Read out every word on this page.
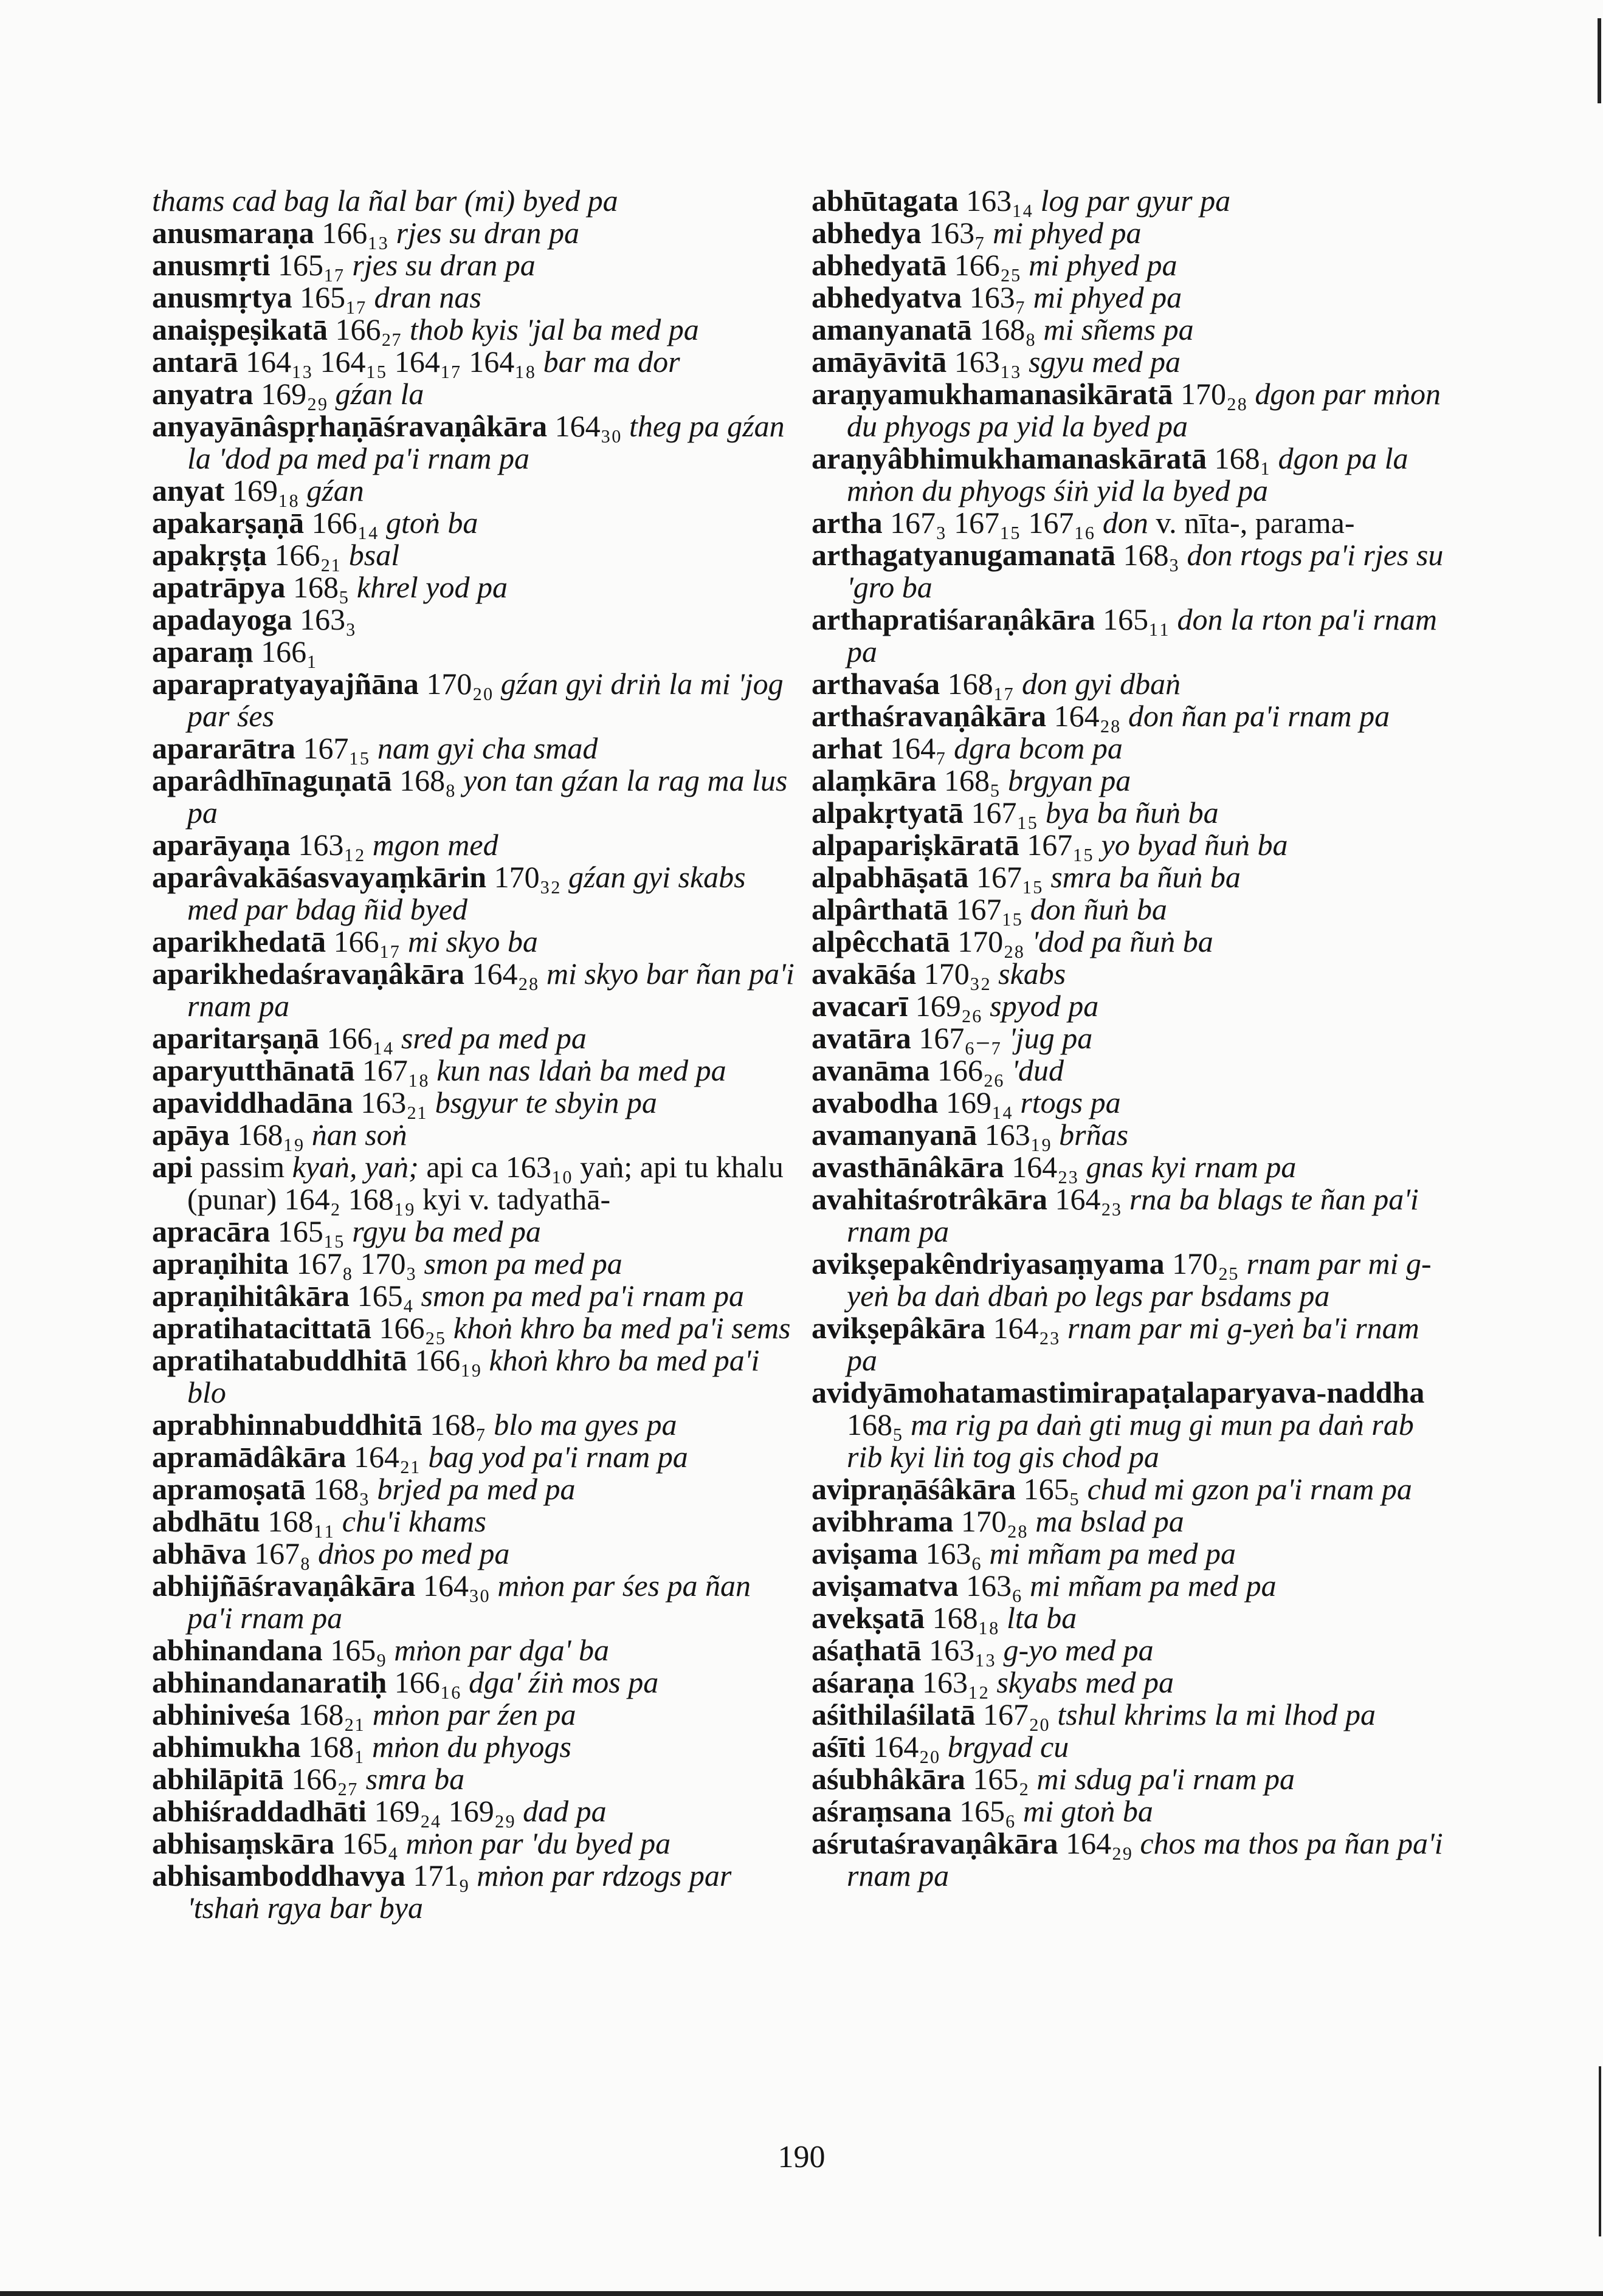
thams cad bag la ñal bar (mi) byed pa
anusmaraṇa 166₁₃ rjes su dran pa
anusmṛti 165₁₇ rjes su dran pa
anusmṛtya 165₁₇ dran nas
anaiṣpeṣikatā 166₂₇ thob kyis 'jal ba med pa
antarā 164₁₃ 164₁₅ 164₁₇ 164₁₈ bar ma dor
anyatra 169₂₉ gźan la
anyayānâspṛhaṇāśravaṇâkāra 164₃₀ theg pa gźan la 'dod pa med pa'i rnam pa
anyat 169₁₈ gźan
apakarṣaṇā 166₁₄ gtoṅ ba
apakṛṣṭa 166₂₁ bsal
apatrāpya 168₅ khrel yod pa
apadayoga 163₃
aparaṃ 166₁
aparapratyayajñāna 170₂₀ gźan gyi driṅ la mi 'jog par śes
apararātra 167₁₅ nam gyi cha smad
aparâdhīnaguṇatā 168₈ yon tan gźan la rag ma lus pa
aparāyaṇa 163₁₂ mgon med
aparâvakāśasvayaṃkārin 170₃₂ gźan gyi skabs med par bdag ñid byed
aparikhedatā 166₁₇ mi skyo ba
aparikhedaśravaṇâkāra 164₂₈ mi skyo bar ñan pa'i rnam pa
aparitarṣaṇā 166₁₄ sred pa med pa
aparyutthānatā 167₁₈ kun nas ldaṅ ba med pa
apaviddhadāna 163₂₁ bsgyur te sbyin pa
apāya 168₁₉ ṅan soṅ
api passim kyaṅ, yaṅ; api ca 163₁₀ yaṅ; api tu khalu (punar) 164₂ 168₁₉ kyi v. tadyathā-
apracāra 165₁₅ rgyu ba med pa
apraṇihita 167₈ 170₃ smon pa med pa
apraṇihitâkāra 165₄ smon pa med pa'i rnam pa
apratihatacittatā 166₂₅ khoṅ khro ba med pa'i sems
apratihatabuddhitā 166₁₉ khoṅ khro ba med pa'i blo
aprabhinnabuddhitā 168₇ blo ma gyes pa
apramādâkāra 164₂₁ bag yod pa'i rnam pa
apramoṣatā 168₃ brjed pa med pa
abdhātu 168₁₁ chu'i khams
abhāva 167₈ dṅos po med pa
abhijñāśravaṇâkāra 164₃₀ mṅon par śes pa ñan pa'i rnam pa
abhinandana 165₉ mṅon par dga' ba
abhinandanaratiḥ 166₁₆ dga' źiṅ mos pa
abhiniveśa 168₂₁ mṅon par źen pa
abhimukha 168₁ mṅon du phyogs
abhilāpitā 166₂₇ smra ba
abhiśraddadhāti 169₂₄ 169₂₉ dad pa
abhisaṃskāra 165₄ mṅon par 'du byed pa
abhisamboddhavya 171₉ mṅon par rdzogs par 'tshaṅ rgya bar bya
abhūtagata 163₁₄ log par gyur pa
abhedya 163₇ mi phyed pa
abhedyatā 166₂₅ mi phyed pa
abhedyatva 163₇ mi phyed pa
amanyanatā 168₈ mi sñems pa
amāyāvitā 163₁₃ sgyu med pa
araṇyamukhamanasikāratā 170₂₈ dgon par mṅon du phyogs pa yid la byed pa
araṇyâbhimukhamanaskāratā 168₁ dgon pa la mṅon du phyogs śiṅ yid la byed pa
artha 167₃ 167₁₅ 167₁₆ don v. nīta-, parama-
arthagatyanugamanatā 168₃ don rtogs pa'i rjes su 'gro ba
arthapratiśaraṇâkāra 165₁₁ don la rton pa'i rnam pa
arthavaśa 168₁₇ don gyi dbaṅ
arthaśravaṇâkāra 164₂₈ don ñan pa'i rnam pa
arhat 164₇ dgra bcom pa
alaṃkāra 168₅ brgyan pa
alpakṛtyatā 167₁₅ bya ba ñuṅ ba
alpapariṣkāratā 167₁₅ yo byad ñuṅ ba
alpabhāṣatā 167₁₅ smra ba ñuṅ ba
alpârthatā 167₁₅ don ñuṅ ba
alpêcchatā 170₂₈ 'dod pa ñuṅ ba
avakāśa 170₃₂ skabs
avacarī 169₂₆ spyod pa
avatāra 167₆₋₇ 'jug pa
avanāma 166₂₆ 'dud
avabodha 169₁₄ rtogs pa
avamanyanā 163₁₉ brñas
avasthānâkāra 164₂₃ gnas kyi rnam pa
avahitaśrotrâkāra 164₂₃ rna ba blags te ñan pa'i rnam pa
avikṣepakêndriyasaṃyama 170₂₅ rnam par mi g-yeṅ ba daṅ dbaṅ po legs par bsdams pa
avikṣepâkāra 164₂₃ rnam par mi g-yeṅ ba'i rnam pa
avidyāmohatamastimirapaṭalaparyava-naddha 168₅ ma rig pa daṅ gti mug gi mun pa daṅ rab rib kyi liṅ tog gis chod pa
avipraṇāśâkāra 165₅ chud mi gzon pa'i rnam pa
avibhrama 170₂₈ ma bslad pa
aviṣama 163₆ mi mñam pa med pa
aviṣamatva 163₆ mi mñam pa med pa
avekṣatā 168₁₈ lta ba
aśaṭhatā 163₁₃ g-yo med pa
aśaraṇa 163₁₂ skyabs med pa
aśithilaśilatā 167₂₀ tshul khrims la mi lhod pa
aśīti 164₂₀ brgyad cu
aśubhâkāra 165₂ mi sdug pa'i rnam pa
aśraṃsana 165₆ mi gtoṅ ba
aśrutaśravaṇâkāra 164₂₉ chos ma thos pa ñan pa'i rnam pa
190
